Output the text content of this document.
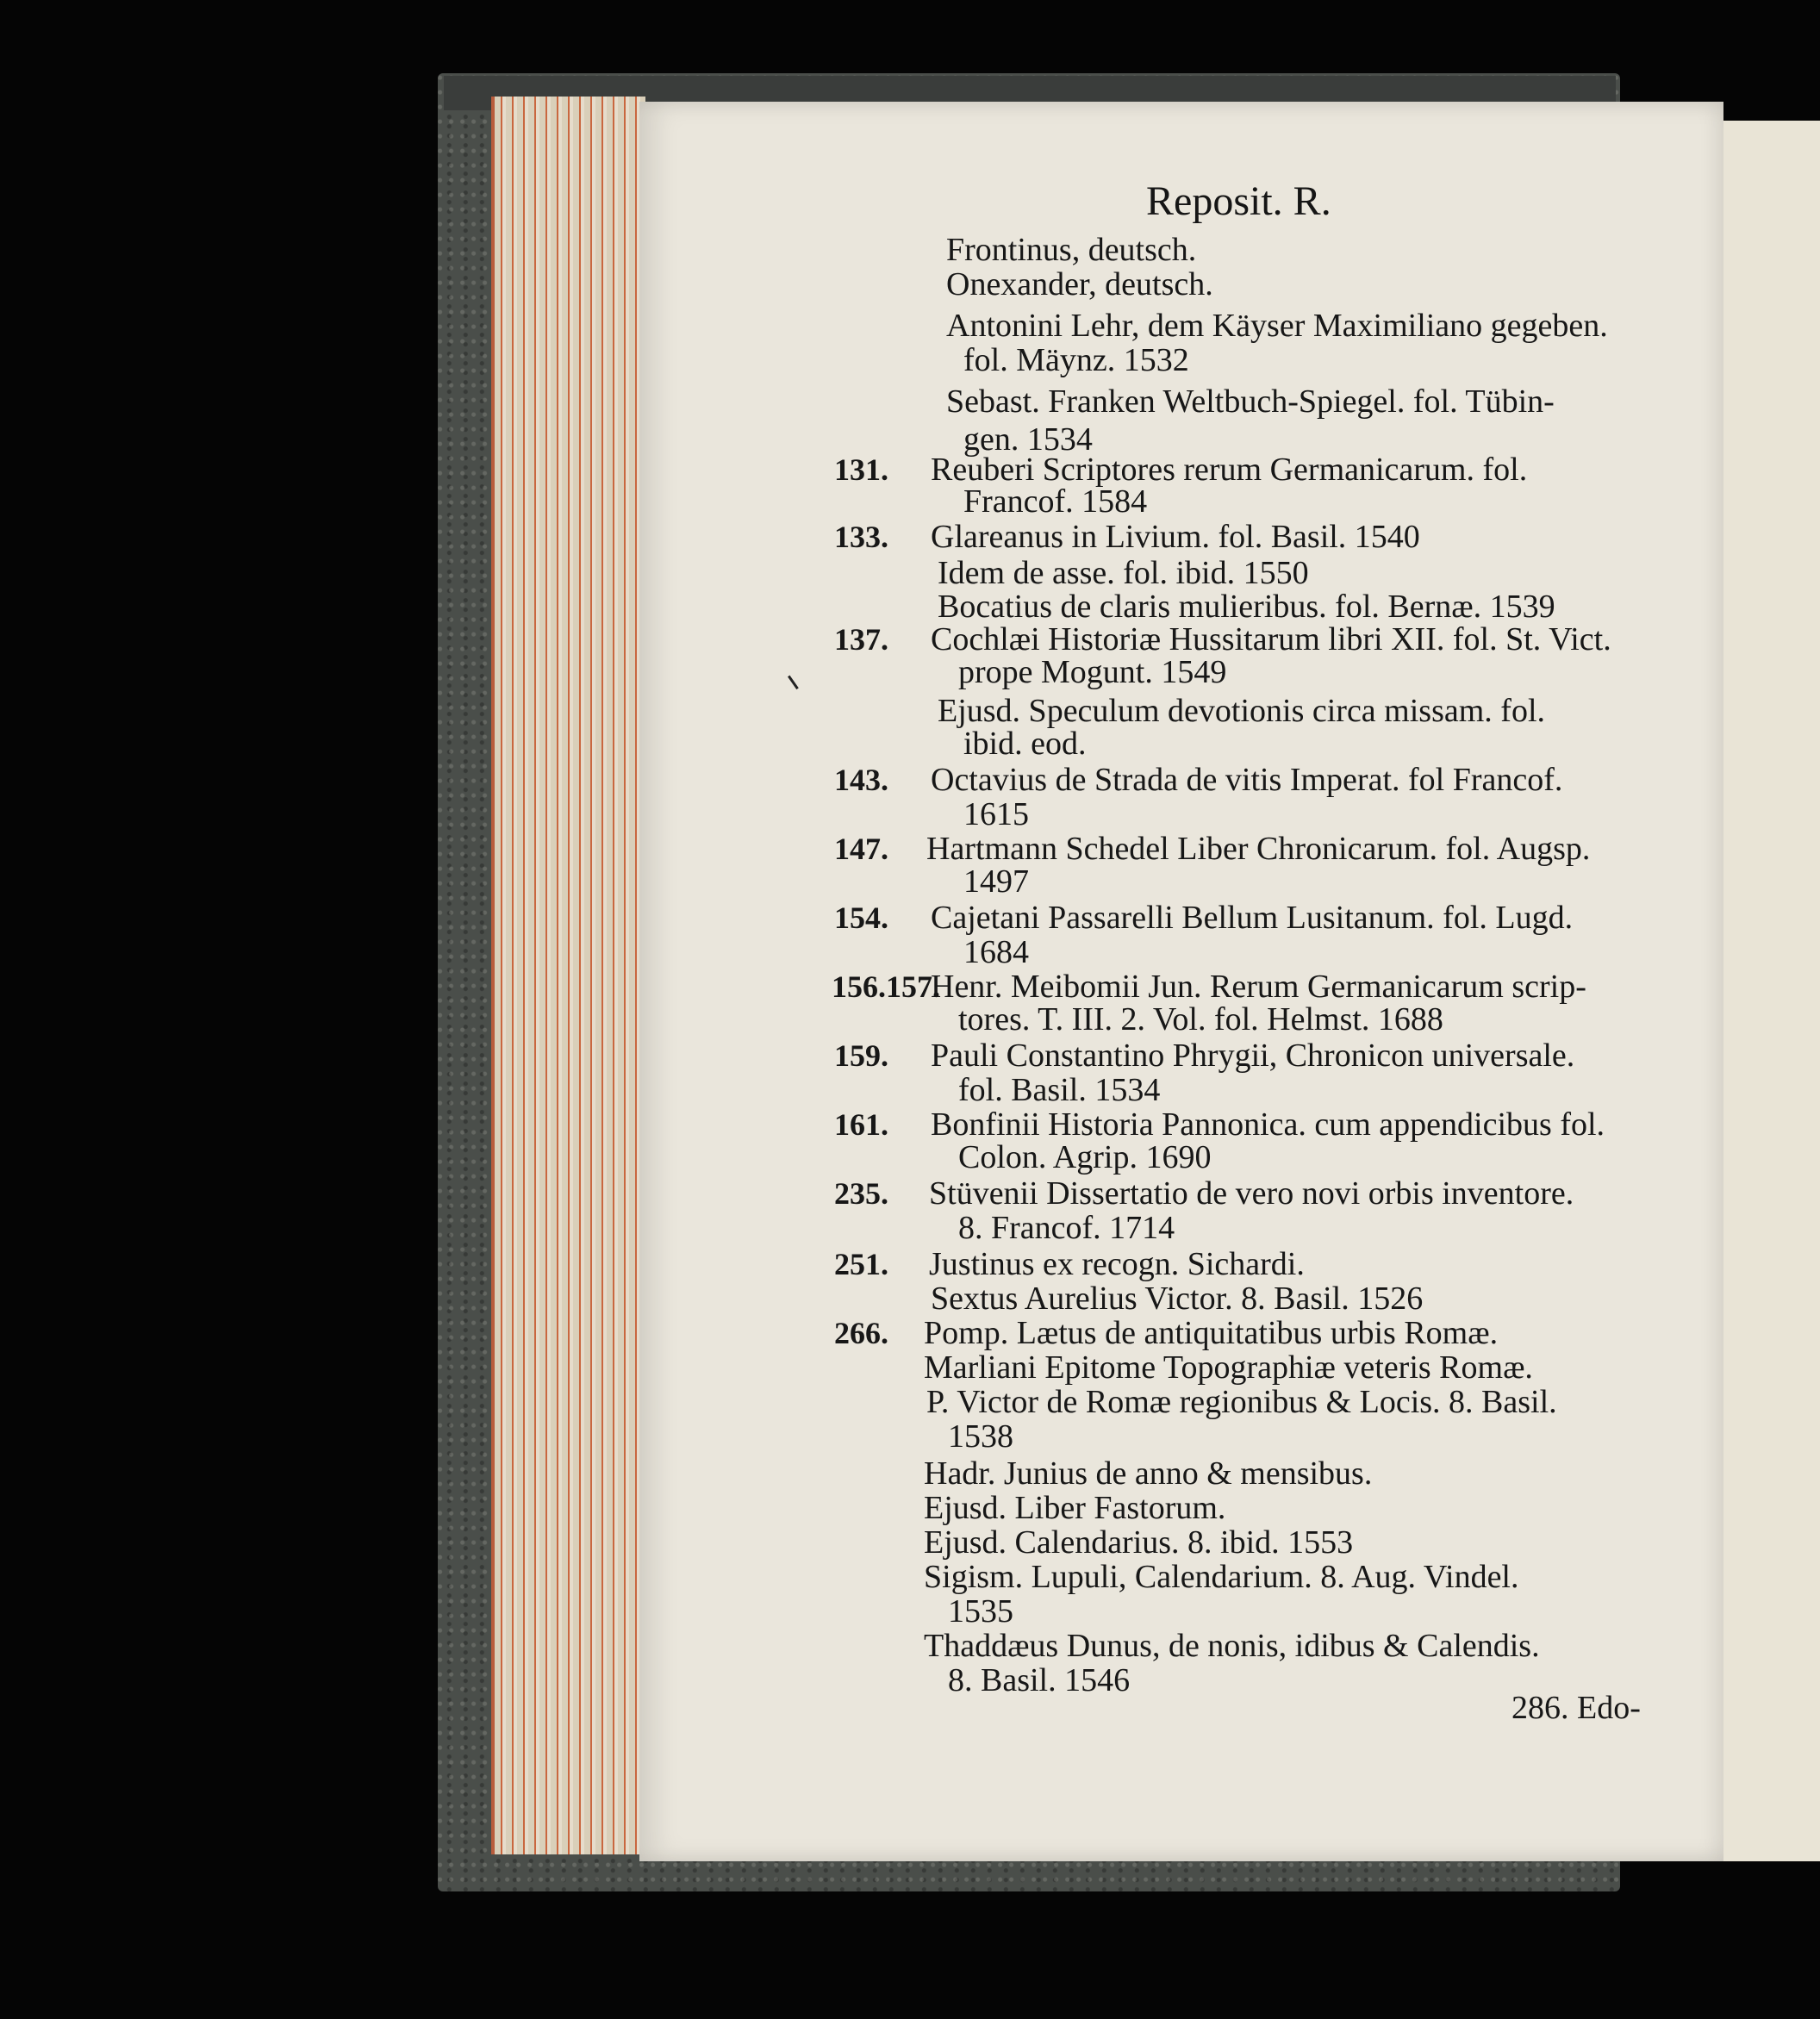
Reposit. R.
Frontinus, deutsch.
Onexander, deutsch.
Antonini Lehr, dem Käyser Maximiliano gegeben.
fol. Mäynz. 1532
Sebast. Franken Weltbuch-Spiegel. fol. Tübin-
gen. 1534
131. Reuberi Scriptores rerum Germanicarum. fol.
Francof. 1584
133. Glareanus in Livium. fol. Basil. 1540
Idem de asse. fol. ibid. 1550
Bocatius de claris mulieribus. fol. Bernæ. 1539
137. Cochlæi Historiæ Hussitarum libri XII. fol. St. Vict.
prope Mogunt. 1549
Ejusd. Speculum devotionis circa missam. fol.
ibid. eod.
143. Octavius de Strada de vitis Imperat. fol Francof.
1615
147. Hartmann Schedel Liber Chronicarum. fol. Augsp.
1497
154. Cajetani Passarelli Bellum Lusitanum. fol. Lugd.
1684
156.157.
Henr. Meibomii Jun. Rerum Germanicarum scrip-
tores. T. III. 2. Vol. fol. Helmst. 1688
159. Pauli Constantino Phrygii, Chronicon universale.
fol. Basil. 1534
161. Bonfinii Historia Pannonica. cum appendicibus fol.
Colon. Agrip. 1690
235. Stüvenii Dissertatio de vero novi orbis inventore.
8. Francof. 1714
251. Justinus ex recogn. Sichardi.
Sextus Aurelius Victor. 8. Basil. 1526
266. Pomp. Lætus de antiquitatibus urbis Romæ.
Marliani Epitome Topographiæ veteris Romæ.
P. Victor de Romæ regionibus & Locis. 8. Basil.
1538
Hadr. Junius de anno & mensibus.
Ejusd. Liber Fastorum.
Ejusd. Calendarius. 8. ibid. 1553
Sigism. Lupuli, Calendarium. 8. Aug. Vindel.
1535
Thaddæus Dunus, de nonis, idibus & Calendis.
8. Basil. 1546
286. Edo-
